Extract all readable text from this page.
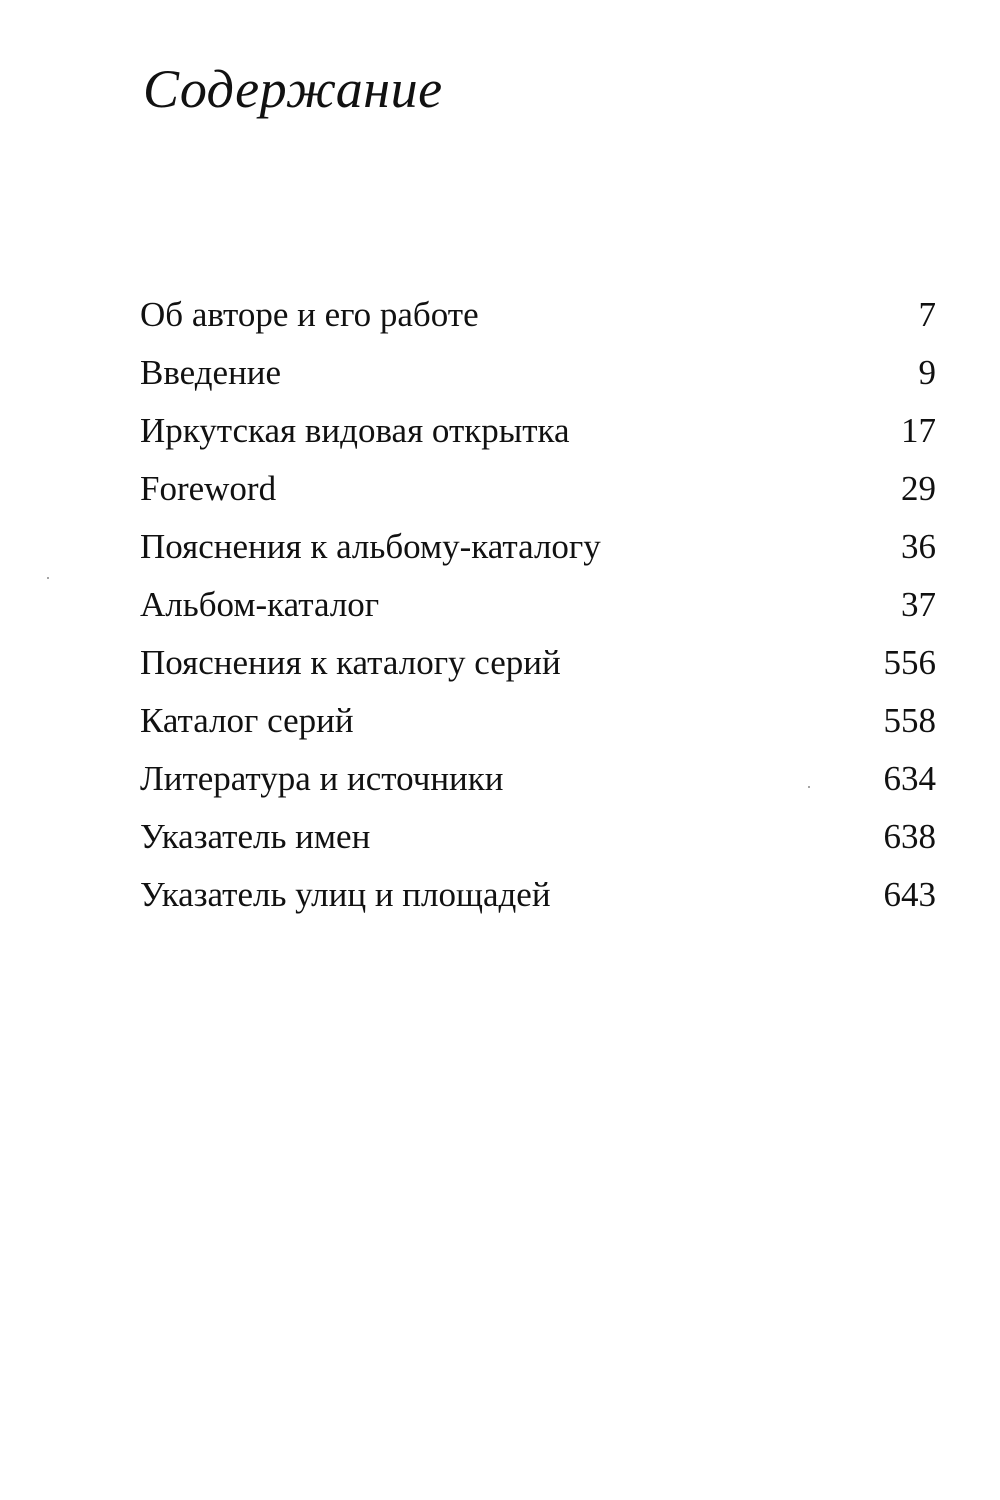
Содержание
Об авторе и его работе	7
Введение	9
Иркутская видовая открытка	17
Foreword	29
Пояснения к альбому-каталогу	36
Альбом-каталог	37
Пояснения к каталогу серий	556
Каталог серий	558
Литература и источники	634
Указатель имен	638
Указатель улиц и площадей	643
